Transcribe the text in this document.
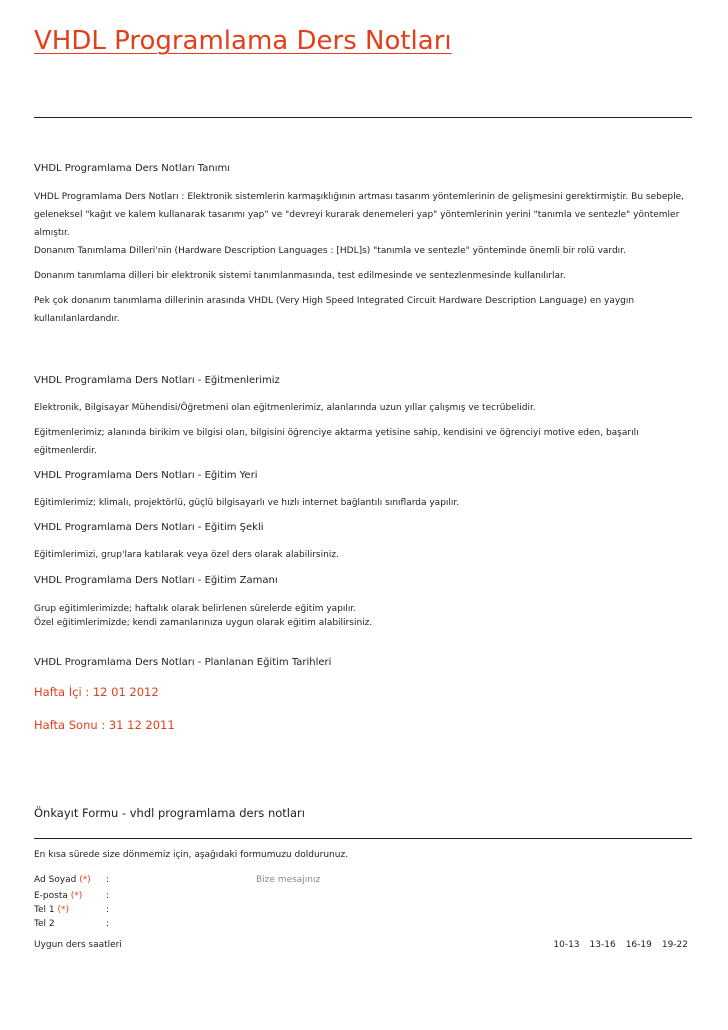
VHDL Programlama Ders Notları

VHDL Programlama Ders Notları Tanımı

VHDL Programlama Ders Notları : Elektronik sistemlerin karmaşıklığının artması tasarım yöntemlerinin de gelişmesini gerektirmiştir. Bu sebeple, geleneksel "kağıt ve kalem kullanarak tasarımı yap" ve "devreyi kurarak denemeleri yap" yöntemlerinin yerini "tanımla ve sentezle" yöntemler almıştır.

Donanım Tanımlama Dilleri'nin (Hardware Description Languages : [HDL]s) "tanımla ve sentezle" yönteminde önemli bir rolü vardır.

Donanım tanımlama dilleri bir elektronik sistemi tanımlanmasında, test edilmesinde ve sentezlenmesinde kullanılırlar.

Pek çok donanım tanımlama dillerinin arasında VHDL (Very High Speed Integrated Circuit Hardware Description Language) en yaygın kullanılanlardandır.

VHDL Programlama Ders Notları - Eğitmenlerimiz

Elektronik, Bilgisayar Mühendisi/Öğretmeni olan eğitmenlerimiz, alanlarında uzun yıllar çalışmış ve tecrübelidir.

Eğitmenlerimiz; alanında birikim ve bilgisi olan, bilgisini öğrenciye aktarma yetisine sahip, kendisini ve öğrenciyi motive eden, başarılı eğitmenlerdir.

VHDL Programlama Ders Notları - Eğitim Yeri

Eğitimlerimiz; klimalı, projektörlü, güçlü bilgisayarlı ve hızlı internet bağlantılı sınıflarda yapılır.

VHDL Programlama Ders Notları - Eğitim Şekli

Eğitimlerimizi, grup'lara katılarak veya özel ders olarak alabilirsiniz.

VHDL Programlama Ders Notları - Eğitim Zamanı

Grup eğitimlerimizde; haftalık olarak belirlenen sürelerde eğitim yapılır.

Özel eğitimlerimizde; kendi zamanlarınıza uygun olarak eğitim alabilirsiniz.

VHDL Programlama Ders Notları - Planlanan Eğitim Tarihleri

Hafta İçi : 12 01 2012

Hafta Sonu : 31 12 2011

Önkayıt Formu - vhdl programlama ders notları

En kısa sürede size dönmemiz için, aşağıdaki formumuzu doldurunuz.

Ad Soyad (*) :
E-posta (*)	:
Tel 1 (*)	:
Tel 2	:
Bize mesajınız
Uygun ders saatleri	10-13 13-16 16-19 19-22
